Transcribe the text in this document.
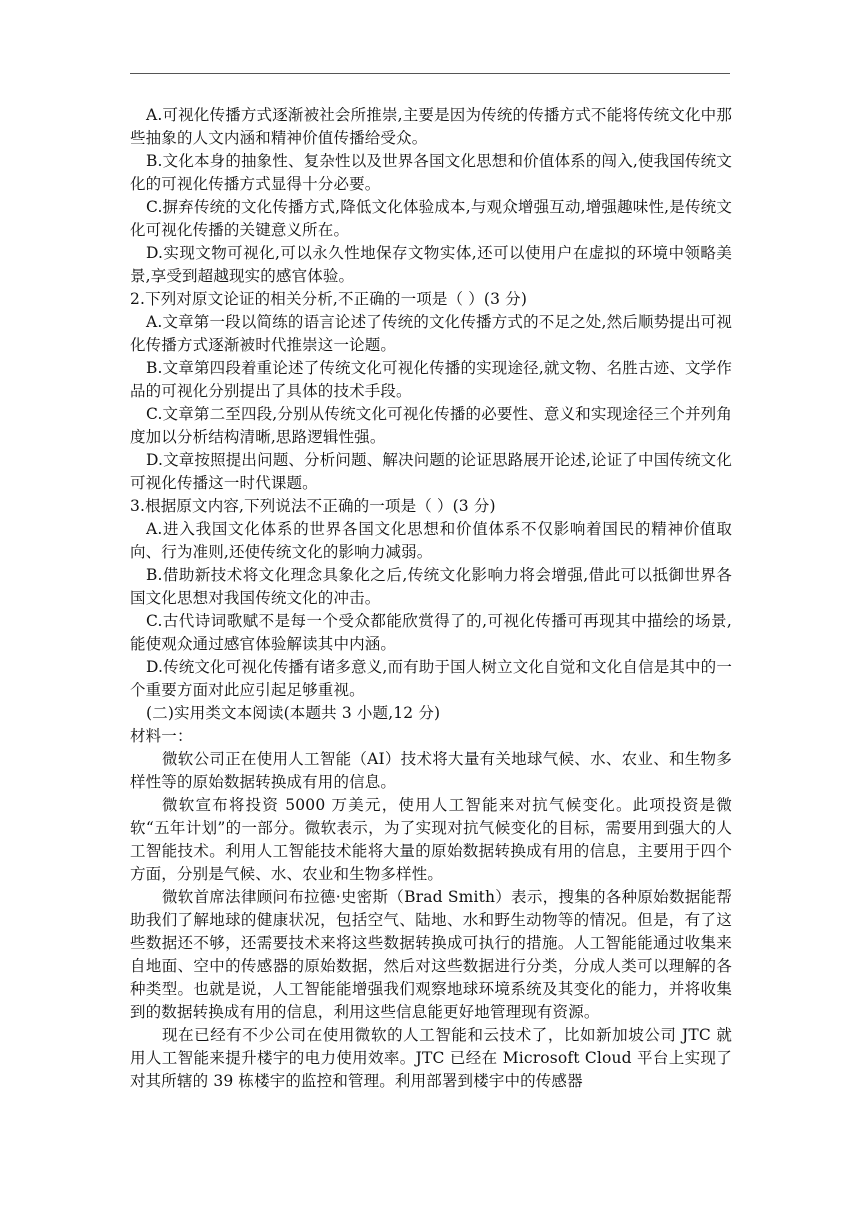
A.可视化传播方式逐渐被社会所推崇,主要是因为传统的传播方式不能将传统文化中那些抽象的人文内涵和精神价值传播给受众。

B.文化本身的抽象性、复杂性以及世界各国文化思想和价值体系的闯入,使我国传统文化的可视化传播方式显得十分必要。

C.摒弃传统的文化传播方式,降低文化体验成本,与观众增强互动,增强趣味性,是传统文化可视化传播的关键意义所在。

D.实现文物可视化,可以永久性地保存文物实体,还可以使用户在虚拟的环境中领略美景,享受到超越现实的感官体验。

2.下列对原文论证的相关分析,不正确的一项是（ ）(3 分)

A.文章第一段以简练的语言论述了传统的文化传播方式的不足之处,然后顺势提出可视化传播方式逐渐被时代推崇这一论题。

B.文章第四段着重论述了传统文化可视化传播的实现途径,就文物、名胜古迹、文学作品的可视化分别提出了具体的技术手段。

C.文章第二至四段,分别从传统文化可视化传播的必要性、意义和实现途径三个并列角度加以分析结构清晰,思路逻辑性强。

D.文章按照提出问题、分析问题、解决问题的论证思路展开论述,论证了中国传统文化可视化传播这一时代课题。

3.根据原文内容,下列说法不正确的一项是（ ）(3 分)

A.进入我国文化体系的世界各国文化思想和价值体系不仅影响着国民的精神价值取向、行为准则,还使传统文化的影响力减弱。

B.借助新技术将文化理念具象化之后,传统文化影响力将会增强,借此可以抵御世界各国文化思想对我国传统文化的冲击。

C.古代诗词歌赋不是每一个受众都能欣赏得了的,可视化传播可再现其中描绘的场景,能使观众通过感官体验解读其中内涵。

D.传统文化可视化传播有诸多意义,而有助于国人树立文化自觉和文化自信是其中的一个重要方面对此应引起足够重视。

(二)实用类文本阅读(本题共 3 小题,12 分)

材料一：

微软公司正在使用人工智能（AI）技术将大量有关地球气候、水、农业、和生物多样性等的原始数据转换成有用的信息。

微软宣布将投资 5000 万美元，使用人工智能来对抗气候变化。此项投资是微软“五年计划”的一部分。微软表示，为了实现对抗气候变化的目标，需要用到强大的人工智能技术。利用人工智能技术能将大量的原始数据转换成有用的信息，主要用于四个方面，分别是气候、水、农业和生物多样性。

微软首席法律顾问布拉德·史密斯（Brad Smith）表示，搜集的各种原始数据能帮助我们了解地球的健康状况，包括空气、陆地、水和野生动物等的情况。但是，有了这些数据还不够，还需要技术来将这些数据转换成可执行的措施。人工智能能通过收集来自地面、空中的传感器的原始数据，然后对这些数据进行分类，分成人类可以理解的各种类型。也就是说，人工智能能增强我们观察地球环境系统及其变化的能力，并将收集到的数据转换成有用的信息，利用这些信息能更好地管理现有资源。

现在已经有不少公司在使用微软的人工智能和云技术了，比如新加坡公司 JTC 就用人工智能来提升楼宇的电力使用效率。JTC 已经在 Microsoft Cloud 平台上实现了对其所辖的 39 栋楼宇的监控和管理。利用部署到楼宇中的传感器
